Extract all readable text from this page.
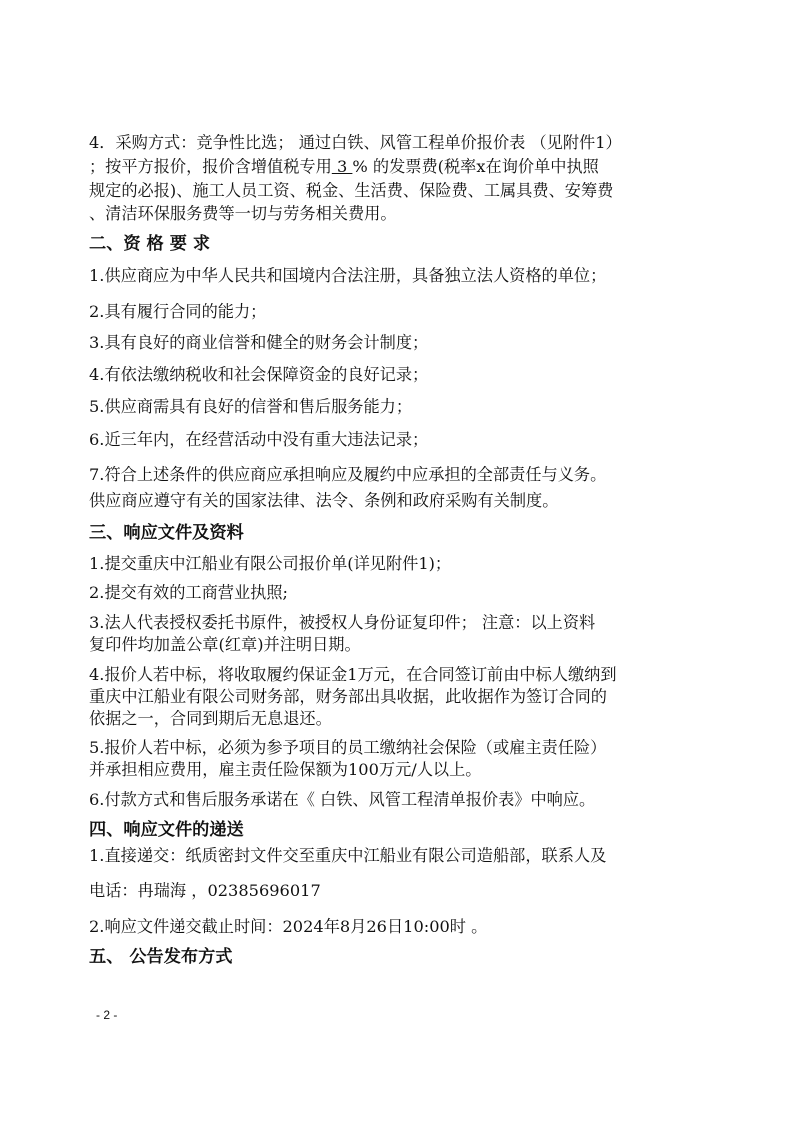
4．采购方式：竞争性比选； 通过白铁、风管工程单价报价表 （见附件1）
；按平方报价，报价含增值税专用 3 % 的发票费(税率x在询价单中执照
规定的必报)、施工人员工资、税金、生活费、保险费、工属具费、安筹费
、清洁环保服务费等一切与劳务相关费用。
二、资 格 要 求
1.供应商应为中华人民共和国境内合法注册，具备独立法人资格的单位；
2.具有履行合同的能力；
3.具有良好的商业信誉和健全的财务会计制度；
4.有依法缴纳税收和社会保障资金的良好记录；
5.供应商需具有良好的信誉和售后服务能力；
6.近三年内，在经营活动中没有重大违法记录；
7.符合上述条件的供应商应承担响应及履约中应承担的全部责任与义务。
供应商应遵守有关的国家法律、法令、条例和政府采购有关制度。
三、响应文件及资料
1.提交重庆中江船业有限公司报价单(详见附件1)；
2.提交有效的工商营业执照;
3.法人代表授权委托书原件，被授权人身份证复印件； 注意：以上资料
复印件均加盖公章(红章)并注明日期。
4.报价人若中标，将收取履约保证金1万元，在合同签订前由中标人缴纳到
重庆中江船业有限公司财务部，财务部出具收据，此收据作为签订合同的
依据之一，合同到期后无息退还。
5.报价人若中标，必须为参予项目的员工缴纳社会保险（或雇主责任险）
并承担相应费用，雇主责任险保额为100万元/人以上。
6.付款方式和售后服务承诺在《 白铁、风管工程清单报价表》中响应。
四、响应文件的递送
1.直接递交：纸质密封文件交至重庆中江船业有限公司造船部，联系人及
电话：冉瑞海 ，02385696017
2.响应文件递交截止时间：2024年8月26日10:00时 。
五、 公告发布方式
- 2 -
